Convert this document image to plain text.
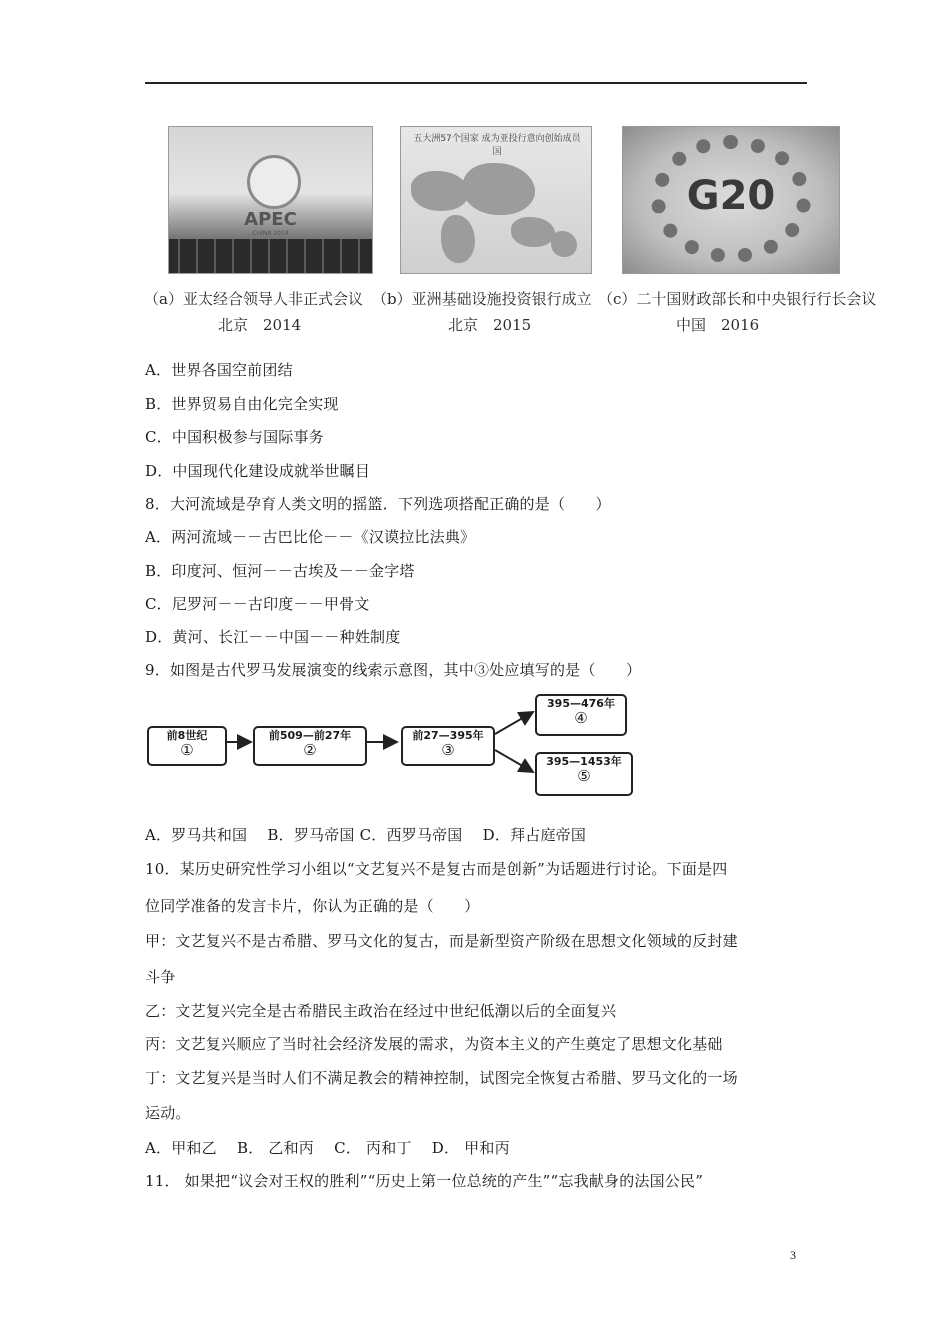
APEC
CHINA 2014
五大洲57个国家 成为亚投行意向创始成员国
G20
（a）亚太经合领导人非正式会议
北京　2014
（b）亚洲基础设施投资银行成立
北京　2015
（c）二十国财政部长和中央银行行长会议
中国　2016
A．世界各国空前团结
B．世界贸易自由化完全实现
C．中国积极参与国际事务
D．中国现代化建设成就举世瞩目
8．大河流域是孕育人类文明的摇篮．下列选项搭配正确的是（　　）
A．两河流域－－古巴比伦－－《汉谟拉比法典》
B．印度河、恒河－－古埃及－－金字塔
C．尼罗河－－古印度－－甲骨文
D．黄河、长江－－中国－－种姓制度
9．如图是古代罗马发展演变的线索示意图，其中③处应填写的是（　　）
前8世纪
①
前509—前27年
②
前27—395年
③
395—476年
④
395—1453年
⑤
A．罗马共和国　 B．罗马帝国 C．西罗马帝国　 D．拜占庭帝国
10．某历史研究性学习小组以“文艺复兴不是复古而是创新”为话题进行讨论。下面是四
位同学准备的发言卡片，你认为正确的是（　　）
甲：文艺复兴不是古希腊、罗马文化的复古，而是新型资产阶级在思想文化领域的反封建
斗争
乙：文艺复兴完全是古希腊民主政治在经过中世纪低潮以后的全面复兴
丙：文艺复兴顺应了当时社会经济发展的需求，为资本主义的产生奠定了思想文化基础
丁：文艺复兴是当时人们不满足教会的精神控制，试图完全恢复古希腊、罗马文化的一场
运动。
A．甲和乙　 B． 乙和丙　 C． 丙和丁　 D． 甲和丙
11． 如果把“议会对王权的胜利”“历史上第一位总统的产生”“忘我献身的法国公民”
3
